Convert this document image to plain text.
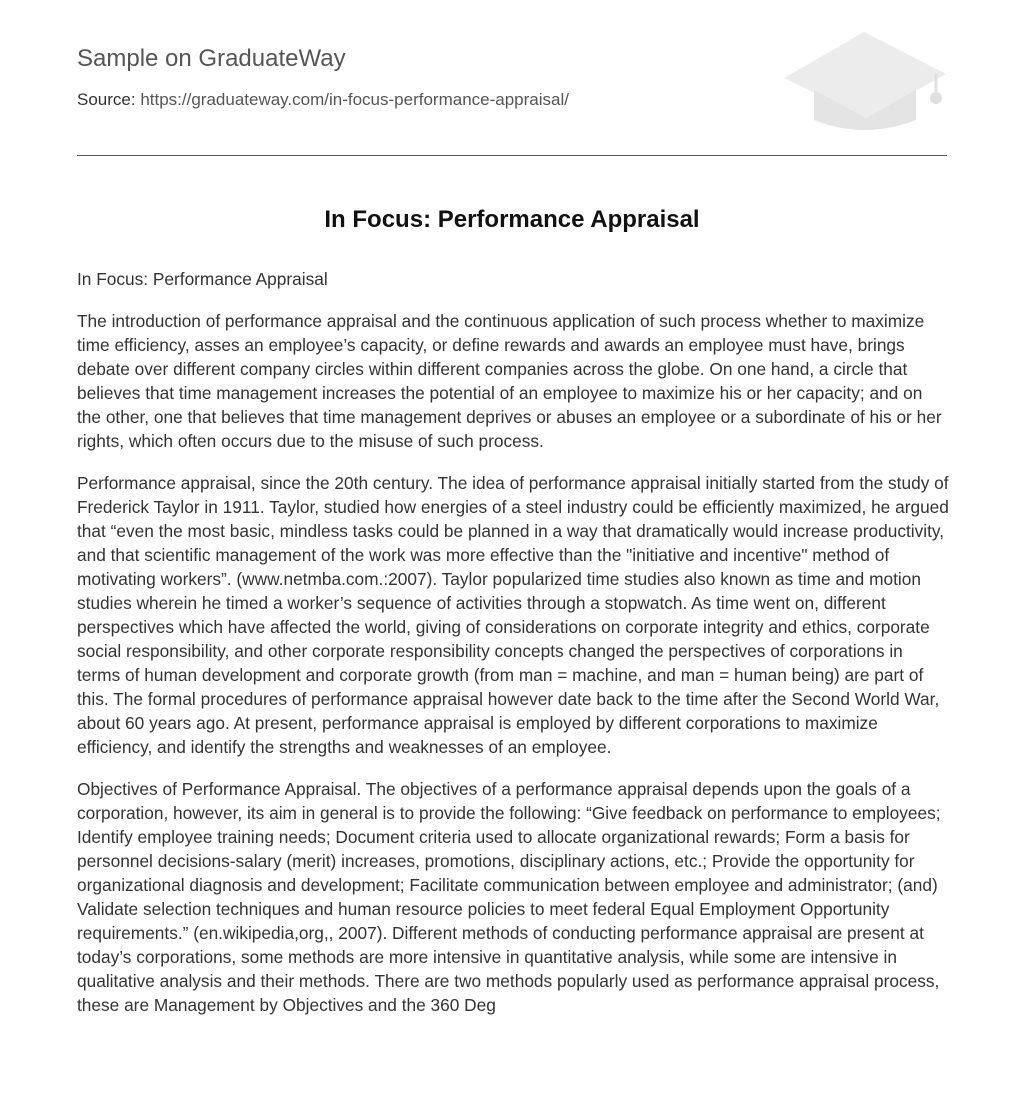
Sample on GraduateWay
Source: https://graduateway.com/in-focus-performance-appraisal/
In Focus: Performance Appraisal

In Focus: Performance Appraisal

The introduction of performance appraisal and the continuous application of such process whether to maximize time efficiency, asses an employee’s capacity, or define rewards and awards an employee must have, brings debate over different company circles within different companies across the globe. On one hand, a circle that believes that time management increases the potential of an employee to maximize his or her capacity; and on the other, one that believes that time management deprives or abuses an employee or a subordinate of his or her rights, which often occurs due to the misuse of such process.

Performance appraisal, since the 20th century. The idea of performance appraisal initially started from the study of Frederick Taylor in 1911. Taylor, studied how energies of a steel industry could be efficiently maximized, he argued that “even the most basic, mindless tasks could be planned in a way that dramatically would increase productivity, and that scientific management of the work was more effective than the "initiative and incentive" method of motivating workers”. (www.netmba.com.:2007). Taylor popularized time studies also known as time and motion studies wherein he timed a worker’s sequence of activities through a stopwatch. As time went on, different perspectives which have affected the world, giving of considerations on corporate integrity and ethics, corporate social responsibility, and other corporate responsibility concepts changed the perspectives of corporations in terms of human development and corporate growth (from man = machine, and man = human being) are part of this. The formal procedures of performance appraisal however date back to the time after the Second World War, about 60 years ago. At present, performance appraisal is employed by different corporations to maximize efficiency, and identify the strengths and weaknesses of an employee.

Objectives of Performance Appraisal. The objectives of a performance appraisal depends upon the goals of a corporation, however, its aim in general is to provide the following: “Give feedback on performance to employees; Identify employee training needs; Document criteria used to allocate organizational rewards; Form a basis for personnel decisions-salary (merit) increases, promotions, disciplinary actions, etc.; Provide the opportunity for organizational diagnosis and development; Facilitate communication between employee and administrator; (and) Validate selection techniques and human resource policies to meet federal Equal Employment Opportunity requirements.” (en.wikipedia,org,, 2007). Different methods of conducting performance appraisal are present at today’s corporations, some methods are more intensive in quantitative analysis, while some are intensive in qualitative analysis and their methods. There are two methods popularly used as performance appraisal process, these are Management by Objectives and the 360 Deg
